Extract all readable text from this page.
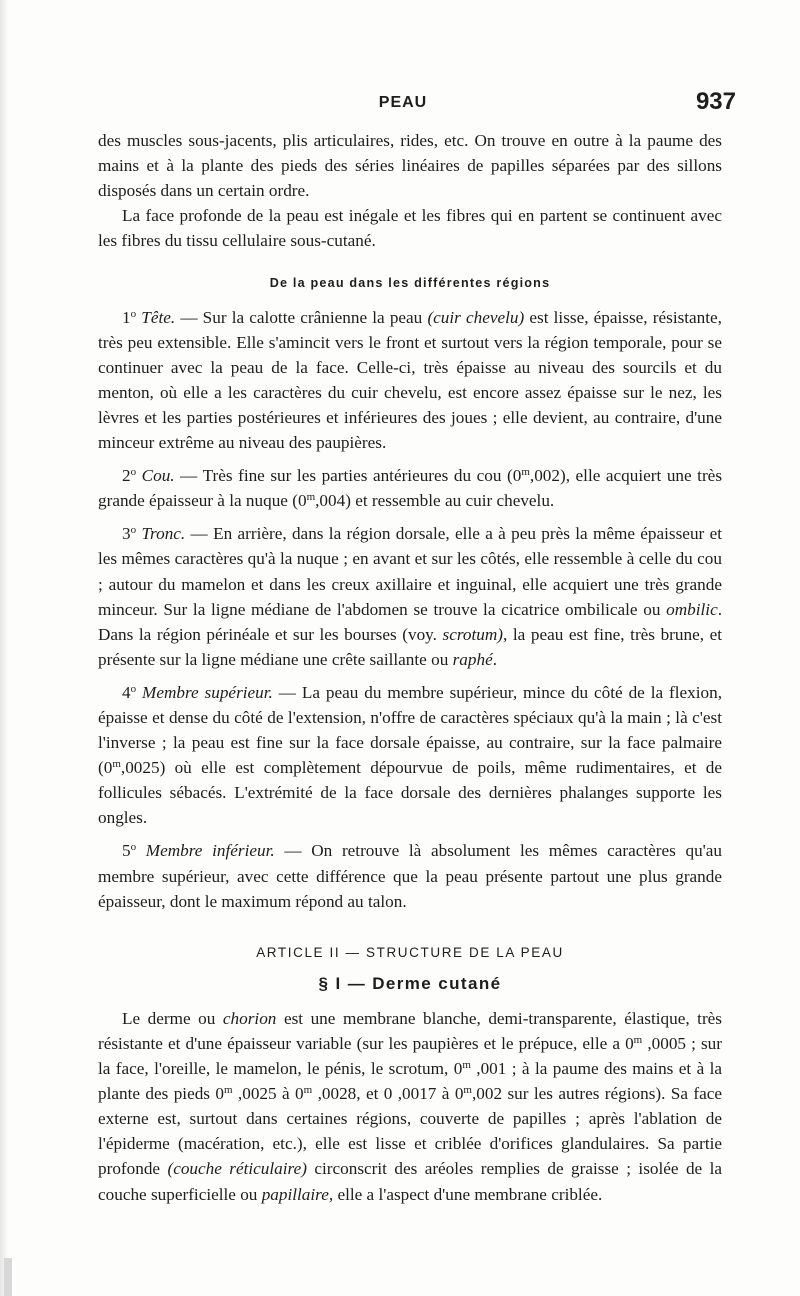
PEAU	937

des muscles sous-jacents, plis articulaires, rides, etc. On trouve en outre à la paume des mains et à la plante des pieds des séries linéaires de papilles séparées par des sillons disposés dans un certain ordre.

La face profonde de la peau est inégale et les fibres qui en partent se continuent avec les fibres du tissu cellulaire sous-cutané.

De la peau dans les différentes régions

1$^o$ Tête. — Sur la calotte crânienne la peau (cuir chevelu) est lisse, épaisse, résistante, très peu extensible. Elle s'amincit vers le front et surtout vers la région temporale, pour se continuer avec la peau de la face. Celle-ci, très épaisse au niveau des sourcils et du menton, où elle a les caractères du cuir chevelu, est encore assez épaisse sur le nez, les lèvres et les parties postérieures et inférieures des joues ; elle devient, au contraire, d'une minceur extrême au niveau des paupières.

2$^o$ Cou. — Très fine sur les parties antérieures du cou (0$^m$,002), elle acquiert une très grande épaisseur à la nuque (0$^m$,004) et ressemble au cuir chevelu.

3$^o$ Tronc. — En arrière, dans la région dorsale, elle a à peu près la même épaisseur et les mêmes caractères qu'à la nuque ; en avant et sur les côtés, elle ressemble à celle du cou ; autour du mamelon et dans les creux axillaire et inguinal, elle acquiert une très grande minceur. Sur la ligne médiane de l'abdomen se trouve la cicatrice ombilicale ou ombilic. Dans la région périnéale et sur les bourses (voy. scrotum), la peau est fine, très brune, et présente sur la ligne médiane une crête saillante ou raphé.

4$^o$ Membre supérieur. — La peau du membre supérieur, mince du côté de la flexion, épaisse et dense du côté de l'extension, n'offre de caractères spéciaux qu'à la main ; là c'est l'inverse ; la peau est fine sur la face dorsale épaisse, au contraire, sur la face palmaire (0$^m$,0025) où elle est complètement dépourvue de poils, même rudimentaires, et de follicules sébacés. L'extrémité de la face dorsale des dernières phalanges supporte les ongles.

5$^o$ Membre inférieur. — On retrouve là absolument les mêmes caractères qu'au membre supérieur, avec cette différence que la peau présente partout une plus grande épaisseur, dont le maximum répond au talon.

ARTICLE II — STRUCTURE DE LA PEAU
§ I — Derme cutané

Le derme ou chorion est une membrane blanche, demi-transparente, élastique, très résistante et d'une épaisseur variable (sur les paupières et le prépuce, elle a 0$^m$ ,0005 ; sur la face, l'oreille, le mamelon, le pénis, le scrotum, 0$^m$ ,001 ; à la paume des mains et à la plante des pieds 0$^m$ ,0025 à 0$^m$ ,0028, et 0 ,0017 à 0$^m$,002 sur les autres régions). Sa face externe est, surtout dans certaines régions, couverte de papilles ; après l'ablation de l'épiderme (macération, etc.), elle est lisse et criblée d'orifices glandulaires. Sa partie profonde (couche réticulaire) circonscrit des aréoles remplies de graisse ; isolée de la couche superficielle ou papillaire, elle a l'aspect d'une membrane criblée.
